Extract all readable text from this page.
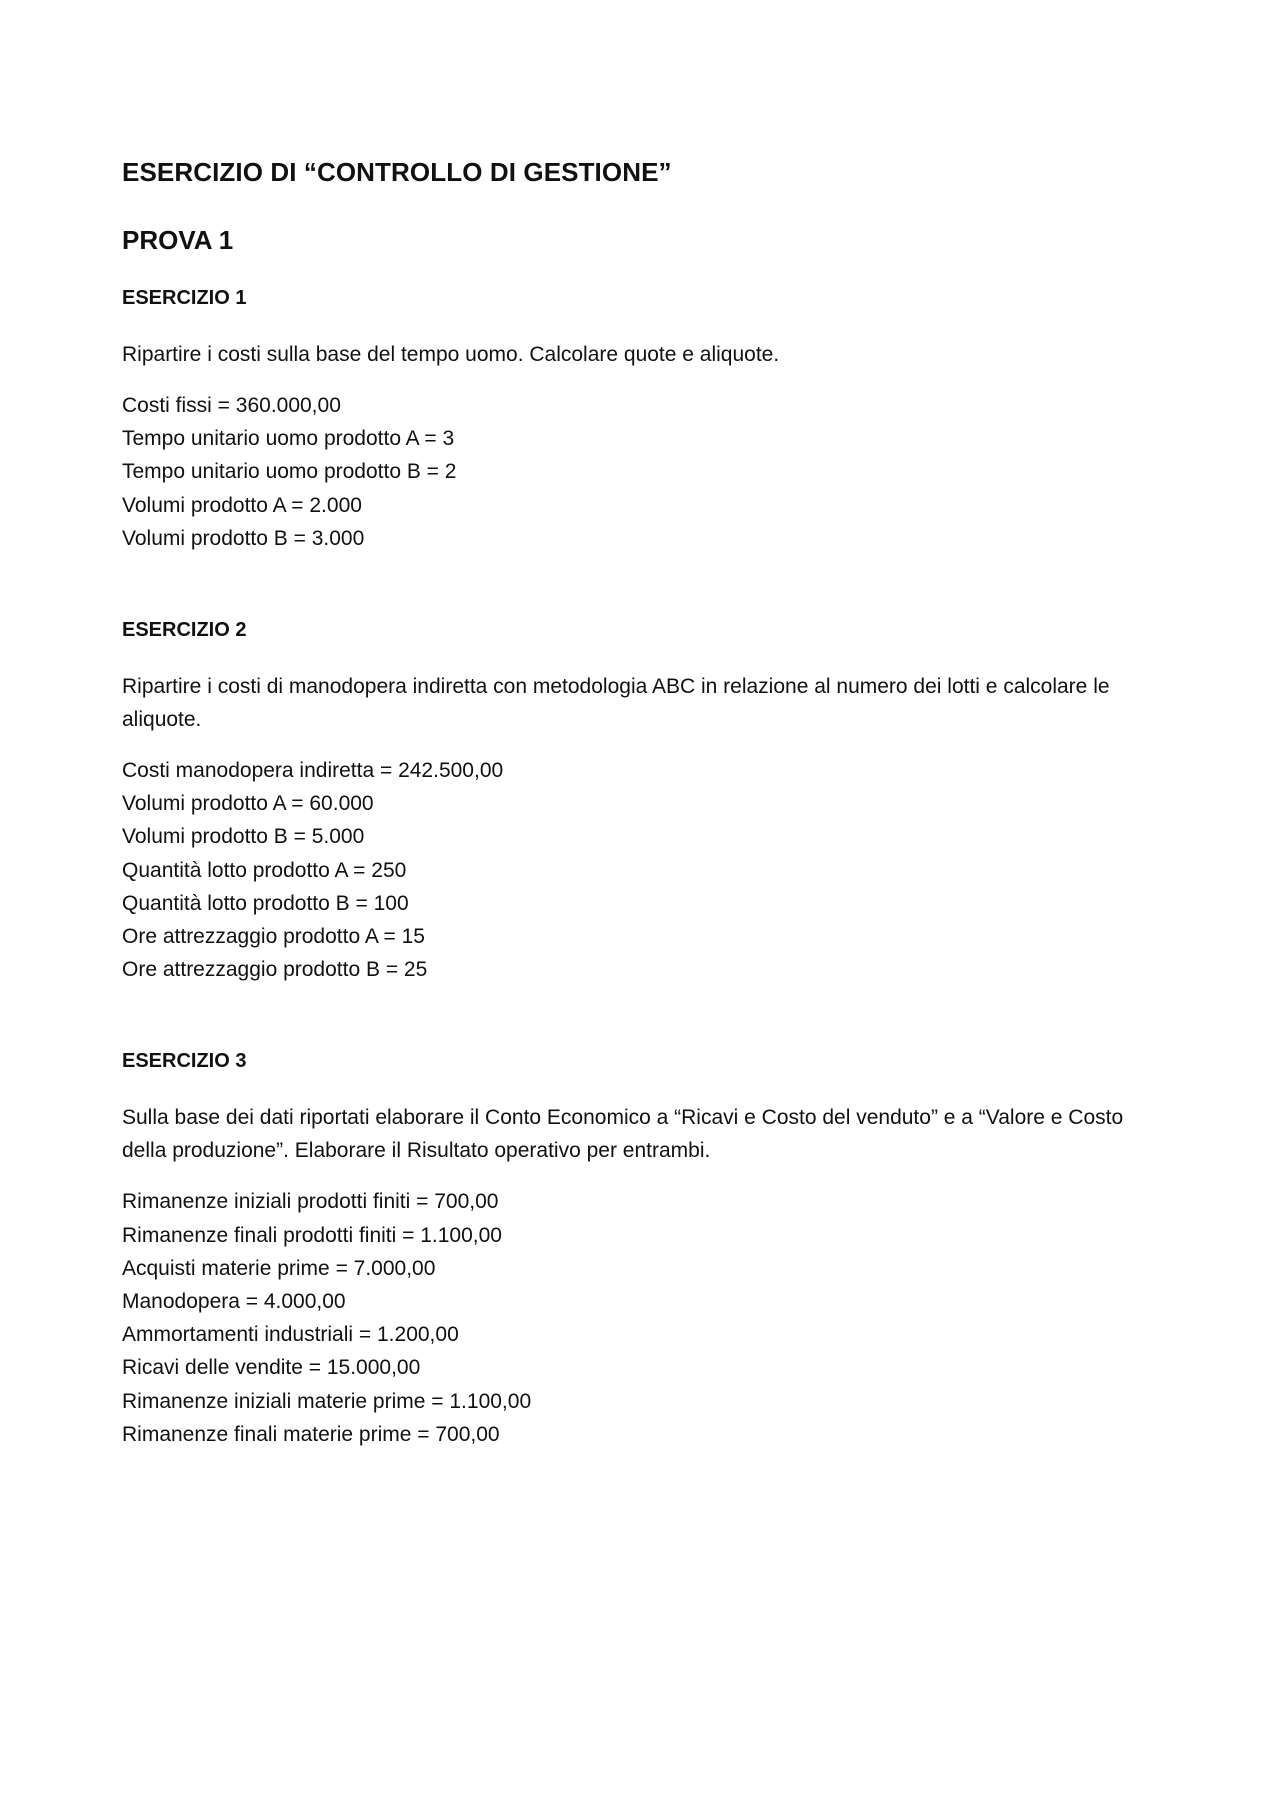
ESERCIZIO DI “CONTROLLO DI GESTIONE”
PROVA 1
ESERCIZIO 1

Ripartire i costi sulla base del tempo uomo. Calcolare quote e aliquote.

Costi fissi = 360.000,00
Tempo unitario uomo prodotto A = 3
Tempo unitario uomo prodotto B = 2
Volumi prodotto A = 2.000
Volumi prodotto B = 3.000
ESERCIZIO 2

Ripartire i costi di manodopera indiretta con metodologia ABC in relazione al numero dei lotti e calcolare le aliquote.

Costi manodopera indiretta = 242.500,00
Volumi prodotto A = 60.000
Volumi prodotto B = 5.000
Quantità lotto prodotto A = 250
Quantità lotto prodotto B = 100
Ore attrezzaggio prodotto A = 15
Ore attrezzaggio prodotto B = 25
ESERCIZIO 3

Sulla base dei dati riportati elaborare il Conto Economico a “Ricavi e Costo del venduto” e a “Valore e Costo della produzione”. Elaborare il Risultato operativo per entrambi.

Rimanenze iniziali prodotti finiti = 700,00
Rimanenze finali prodotti finiti = 1.100,00
Acquisti materie prime = 7.000,00
Manodopera = 4.000,00
Ammortamenti industriali = 1.200,00
Ricavi delle vendite = 15.000,00
Rimanenze iniziali materie prime = 1.100,00
Rimanenze finali materie prime = 700,00
